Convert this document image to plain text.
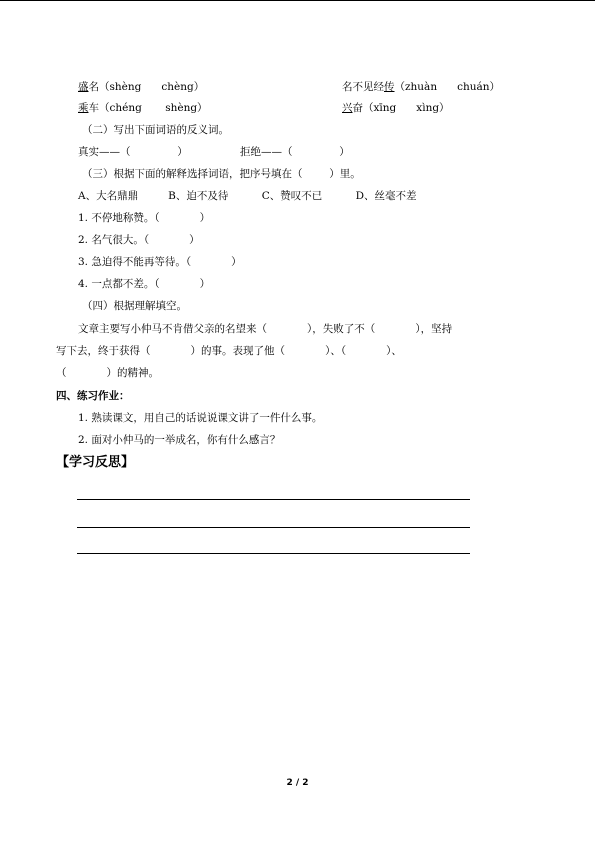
盛名（shèng      chèng）	名不见经传（zhuàn      chuán）
乘车（chéng       shèng）	兴奋（xīng      xìng）
（二）写出下面词语的反义词。
真实——（              ）	拒绝——（              ）
（三）根据下面的解释选择词语，把序号填在（        ）里。
A、大名鼎鼎         B、迫不及待          C、赞叹不已          D、丝毫不差
1. 不停地称赞。（            ）
2. 名气很大。（            ）
3. 急迫得不能再等待。（            ）
4. 一点都不差。（            ）
（四）根据理解填空。
文章主要写小仲马不肯借父亲的名望来（            ），失败了不（            ），坚持
写下去，终于获得（            ）的事。表现了他（            ）、（            ）、
（            ）的精神。
四、练习作业：
1. 熟读课文，用自己的话说说课文讲了一件什么事。
2. 面对小仲马的一举成名，你有什么感言？
【学习反思】
2 / 2
